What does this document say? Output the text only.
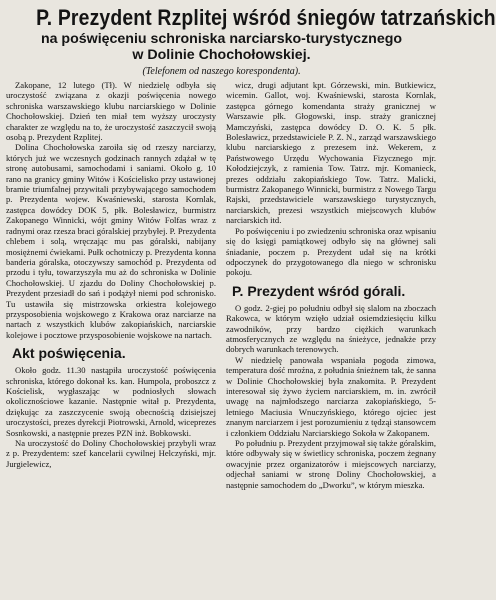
P. Prezydent Rzplitej wśród śniegów tatrzańskich
na poświęceniu schroniska narciarsko-turystycznego
w Dolinie Chochołowskiej.
(Telefonem od naszego korespondenta).

Zakopane, 12 lutego (Tł). W niedzielę odbyła się uroczystość związana z okazji poświęcenia nowego schroniska warszawskiego klubu narciarskiego w Dolinie Chochołowskiej. Dzień ten miał tem wyższy uroczysty charakter ze względu na to, że uroczystość zaszczycił swoją osobą p. Prezydent Rzplitej.

Dolina Chochołowska zaroiła się od rzeszy narciarzy, których już we wczesnych godzinach rannych zdążał w tę stronę autobusami, samochodami i saniami. Około g. 10 rano na granicy gminy Witów i Kościelisko przy ustawionej bramie triumfalnej przywitali przybywającego samochodem p. Prezydenta wojew. Kwaśniewski, starosta Kornlak, zastępca dowódcy DOK 5, płk. Bolesławicz, burmistrz Zakopanego Winnicki, wójt gminy Witów Folfas wraz z radnymi oraz rzesza braci góralskiej przybyłej. P. Prezydenta chlebem i solą, wręczając mu pas góralski, nabijany mosiężnemi ćwiekami. Pułk ochotniczy p. Prezydenta konna banderia góralska, otoczywszy samochód p. Prezydenta od przodu i tyłu, towarzyszyła mu aż do schroniska w Dolinie Chochołowskiej. U zjazdu do Doliny Chochołowskiej p. Prezydent przesiadł do sań i podążył niemi pod schronisko. Tu ustawiła się mistrzowska orkiestra kolejowego przysposobienia wojskowego z Krakowa oraz narciarze na nartach z wszystkich klubów zakopiańskich, narciarskie kolejowe i pocztowe przysposobienie wojskowe na nartach.

Akt poświęcenia.

Około godz. 11.30 nastąpiła uroczystość poświęcenia schroniska, którego dokonał ks. kan. Humpola, proboszcz z Kościelisk, wygłaszając w podniosłych słowach okolicznościowe kazanie. Następnie witał p. Prezydenta, dziękując za zaszczycenie swoją obecnością dzisiejszej uroczystości, prezes dyrekcji Piotrowski, Arnold, wiceprezes Sosnkowski, a następnie prezes PZN inż. Bobkowski.

Na uroczystość do Doliny Chochołowskiej przybyli wraz z p. Prezydentem: szef kancelarii cywilnej Helczyński, mjr. Jurgielewicz,

wicz, drugi adjutant kpt. Górzewski, min. Butkiewicz, wicemin. Gallot, woj. Kwaśniewski, starosta Kornlak, zastępca górnego komendanta straży granicznej w Warszawie płk. Głogowski, insp. straży granicznej Mamczyński, zastępca dowódcy D. O. K. 5 płk. Bolesławicz, przedstawiciele P. Z. N., zarząd warszawskiego klubu narciarskiego z prezesem inż. Wekerem, z Państwowego Urzędu Wychowania Fizycznego mjr. Kołodziejczyk, z ramienia Tow. Tatrz. mjr. Komanieck, prezes oddziału zakopiańskiego Tow. Tatrz. Malicki, burmistrz Zakopanego Winnicki, burmistrz z Nowego Targu Rajski, przedstawiciele warszawskiego turystycznych, narciarskich, prezesi wszystkich miejscowych klubów narciarskich itd.

Po poświęceniu i po zwiedzeniu schroniska oraz wpisaniu się do księgi pamiątkowej odbyło się na głównej sali śniadanie, poczem p. Prezydent udał się na krótki odpoczynek do przygotowanego dla niego w schronisku pokoju.

P. Prezydent wśród górali.

O godz. 2-giej po południu odbył się slalom na zboczach Rakowca, w którym wzięło udział osiemdziesięciu kilku zawodników, przy bardzo ciężkich warunkach atmosferycznych ze względu na śnieżyce, jednakże przy dobrych warunkach terenowych.

W niedzielę panowała wspaniała pogoda zimowa, temperatura dość mroźna, z południa śnieżnem tak, że sanna w Dolinie Chochołowskiej była znakomita. P. Prezydent interesował się żywo życiem narciarskiem, m. in. zwrócił uwagę na najmłodszego narciarza zakopiańskiego, 5-letniego Maciusia Wnuczyńskiego, którego ojciec jest znanym narciarzem i jest porozumieniu z tędząi stansowcem i członkiem Oddziału Narciarskiego Sokoła w Zakopanem.

Po południu p. Prezydent przyjmował się także góralskim, które odbywały się w świetlicy schroniska, poczem żegnany owacyjnie przez organizatorów i miejscowych narciarzy, odjechał saniami w stronę Doliny Chochołowskiej, a następnie samochodem do „Dworku”, w którym mieszka.
